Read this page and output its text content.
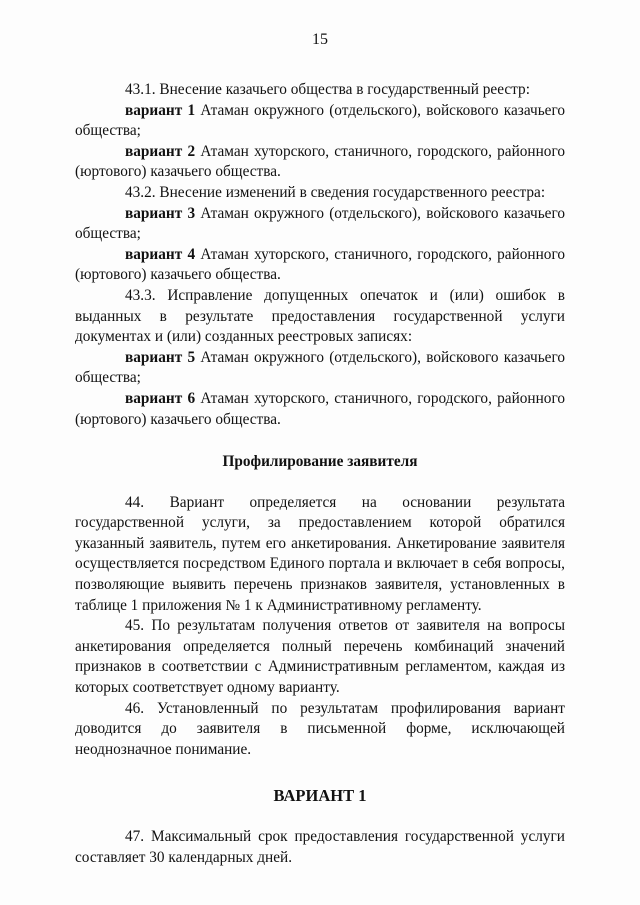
15

43.1. Внесение казачьего общества в государственный реестр:

вариант 1 Атаман окружного (отдельского), войскового казачьего общества;

вариант 2 Атаман хуторского, станичного, городского, районного (юртового) казачьего общества.

43.2. Внесение изменений в сведения государственного реестра:

вариант 3 Атаман окружного (отдельского), войскового казачьего общества;

вариант 4 Атаман хуторского, станичного, городского, районного (юртового) казачьего общества.

43.3. Исправление допущенных опечаток и (или) ошибок в выданных в результате предоставления государственной услуги документах и (или) созданных реестровых записях:

вариант 5 Атаман окружного (отдельского), войскового казачьего общества;

вариант 6 Атаман хуторского, станичного, городского, районного (юртового) казачьего общества.

Профилирование заявителя

44. Вариант определяется на основании результата государственной услуги, за предоставлением которой обратился указанный заявитель, путем его анкетирования. Анкетирование заявителя осуществляется посредством Единого портала и включает в себя вопросы, позволяющие выявить перечень признаков заявителя, установленных в таблице 1 приложения № 1 к Административному регламенту.

45. По результатам получения ответов от заявителя на вопросы анкетирования определяется полный перечень комбинаций значений признаков в соответствии с Административным регламентом, каждая из которых соответствует одному варианту.

46. Установленный по результатам профилирования вариант доводится до заявителя в письменной форме, исключающей неоднозначное понимание.

ВАРИАНТ 1

47. Максимальный срок предоставления государственной услуги составляет 30 календарных дней.
